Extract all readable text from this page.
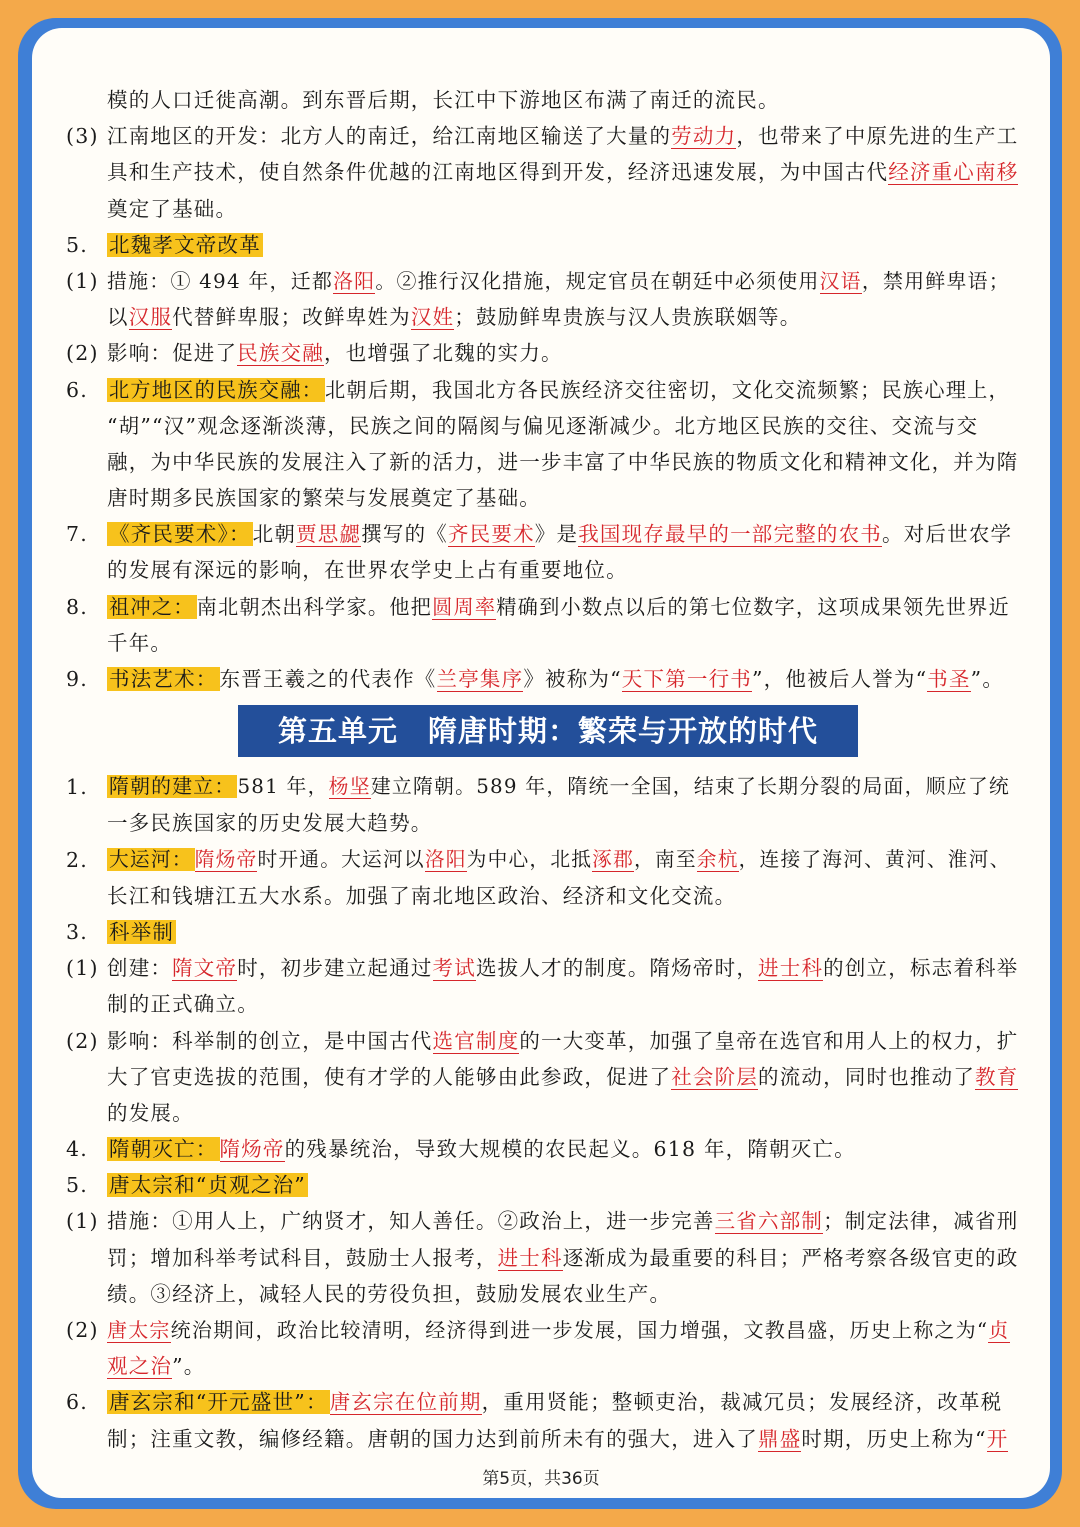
模的人口迁徙高潮。到东晋后期，长江中下游地区布满了南迁的流民。
(3) 江南地区的开发：北方人的南迁，给江南地区输送了大量的劳动力，也带来了中原先进的生产工
具和生产技术，使自然条件优越的江南地区得到开发，经济迅速发展，为中国古代经济重心南移
奠定了基础。
5.	北魏孝文帝改革
(1) 措施：① 494 年，迁都洛阳。②推行汉化措施，规定官员在朝廷中必须使用汉语，禁用鲜卑语；
以汉服代替鲜卑服；改鲜卑姓为汉姓；鼓励鲜卑贵族与汉人贵族联姻等。
(2) 影响：促进了民族交融，也增强了北魏的实力。
6.	北方地区的民族交融：北朝后期，我国北方各民族经济交往密切，文化交流频繁；民族心理上，
“胡”“汉”观念逐渐淡薄，民族之间的隔阂与偏见逐渐减少。北方地区民族的交往、交流与交
融，为中华民族的发展注入了新的活力，进一步丰富了中华民族的物质文化和精神文化，并为隋
唐时期多民族国家的繁荣与发展奠定了基础。
7.	《齐民要术》：北朝贾思勰撰写的《齐民要术》是我国现存最早的一部完整的农书。对后世农学
的发展有深远的影响，在世界农学史上占有重要地位。
8.	祖冲之：南北朝杰出科学家。他把圆周率精确到小数点以后的第七位数字，这项成果领先世界近
千年。
9.	书法艺术：东晋王羲之的代表作《兰亭集序》被称为“天下第一行书”，他被后人誉为“书圣”。
第五单元　隋唐时期：繁荣与开放的时代
1.	隋朝的建立： 581 年，杨坚建立隋朝。589 年，隋统一全国，结束了长期分裂的局面，顺应了统
一多民族国家的历史发展大趋势。
2.	大运河： 隋炀帝时开通。大运河以洛阳为中心，北抵涿郡，南至余杭，连接了海河、黄河、淮河、
长江和钱塘江五大水系。加强了南北地区政治、经济和文化交流。
3.	科举制
(1) 创建：隋文帝时，初步建立起通过考试选拔人才的制度。隋炀帝时，进士科的创立，标志着科举
制的正式确立。
(2) 影响：科举制的创立，是中国古代选官制度的一大变革，加强了皇帝在选官和用人上的权力，扩
大了官吏选拔的范围，使有才学的人能够由此参政，促进了社会阶层的流动，同时也推动了教育
的发展。
4.	隋朝灭亡：隋炀帝的残暴统治，导致大规模的农民起义。618 年，隋朝灭亡。
5.	唐太宗和“贞观之治”
(1) 措施：①用人上，广纳贤才，知人善任。②政治上，进一步完善三省六部制；制定法律，减省刑
罚；增加科举考试科目，鼓励士人报考，进士科逐渐成为最重要的科目；严格考察各级官吏的政
绩。③经济上，减轻人民的劳役负担，鼓励发展农业生产。
(2) 唐太宗统治期间，政治比较清明，经济得到进一步发展，国力增强，文教昌盛，历史上称之为“贞
观之治”。
6.	唐玄宗和“开元盛世”：唐玄宗在位前期，重用贤能；整顿吏治，裁减冗员；发展经济，改革税
制；注重文教，编修经籍。唐朝的国力达到前所未有的强大，进入了鼎盛时期，历史上称为“开
第5页，共36页
